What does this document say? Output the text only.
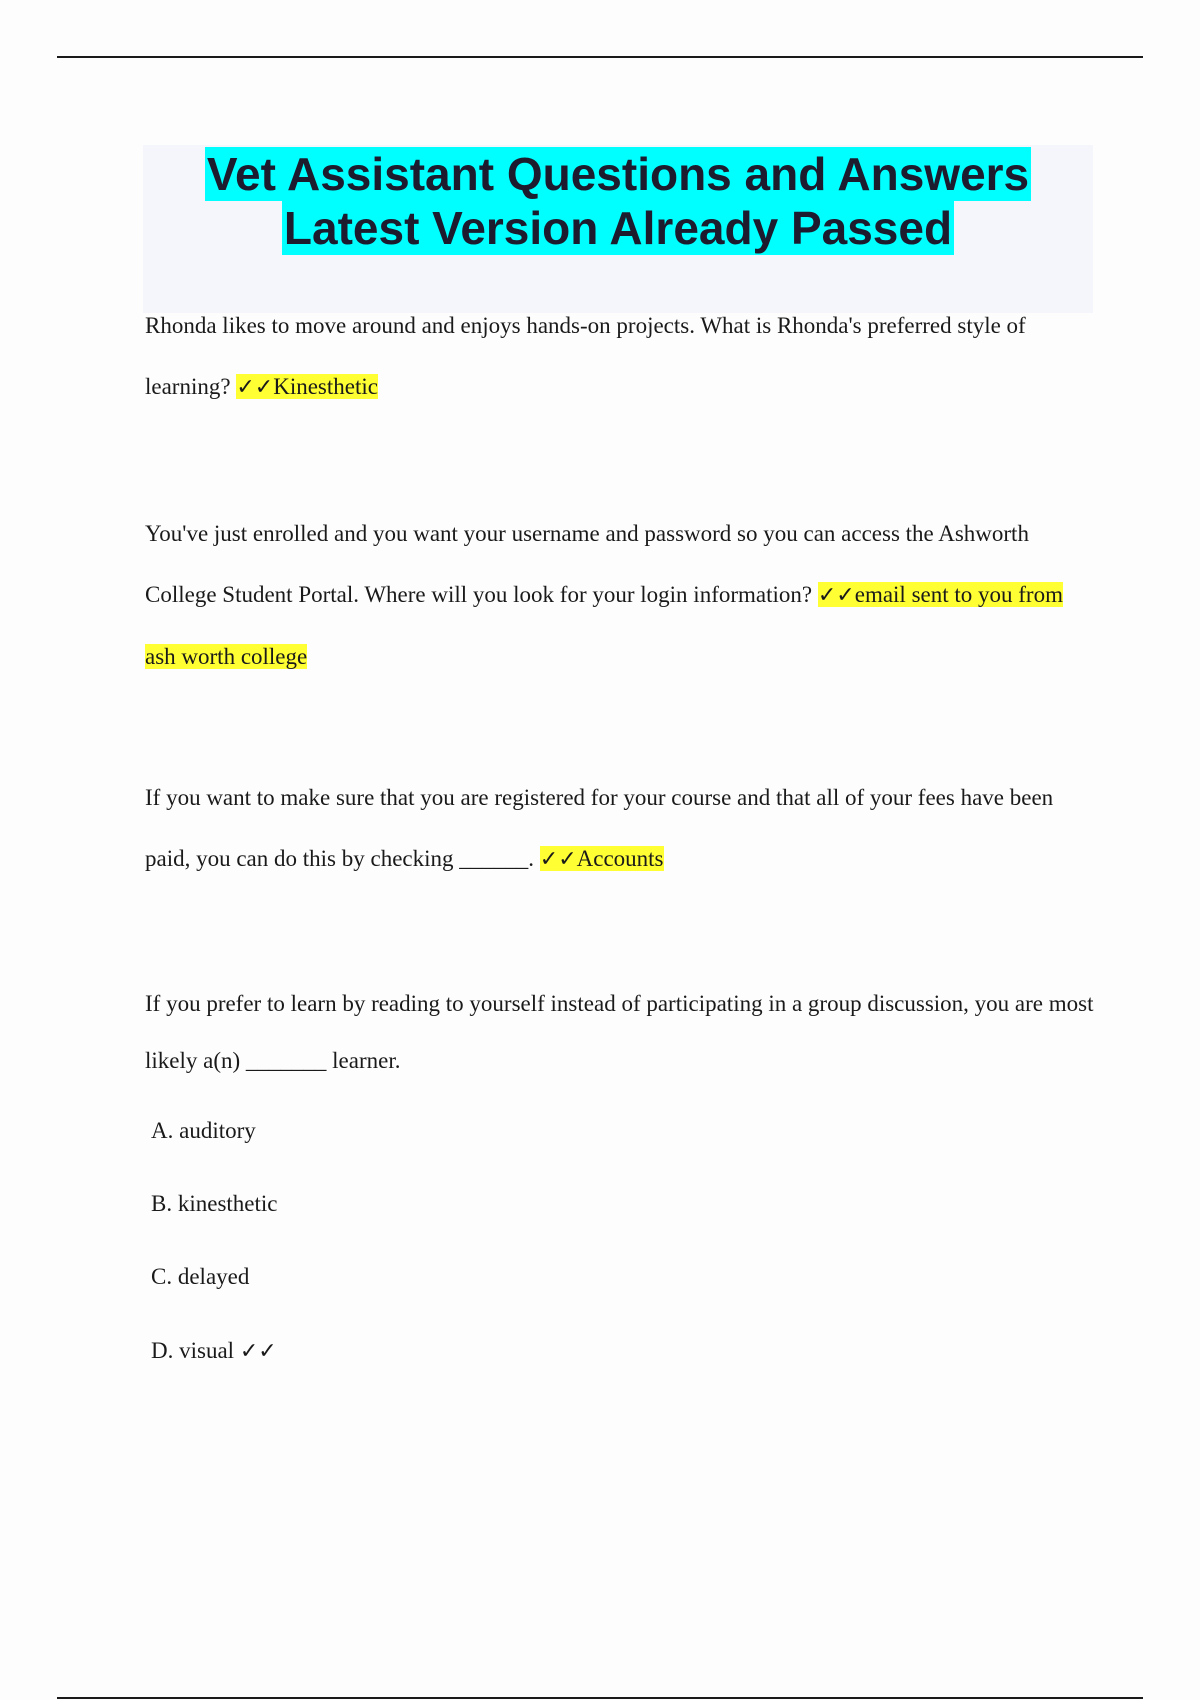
Vet Assistant Questions and Answers
Latest Version Already Passed
Rhonda likes to move around and enjoys hands-on projects. What is Rhonda's preferred style of learning? ✓✓Kinesthetic
You've just enrolled and you want your username and password so you can access the Ashworth College Student Portal. Where will you look for your login information? ✓✓email sent to you from ash worth college
If you want to make sure that you are registered for your course and that all of your fees have been paid, you can do this by checking ______. ✓✓Accounts
If you prefer to learn by reading to yourself instead of participating in a group discussion, you are most likely a(n) _______ learner.
A. auditory
B. kinesthetic
C. delayed
D. visual ✓✓
